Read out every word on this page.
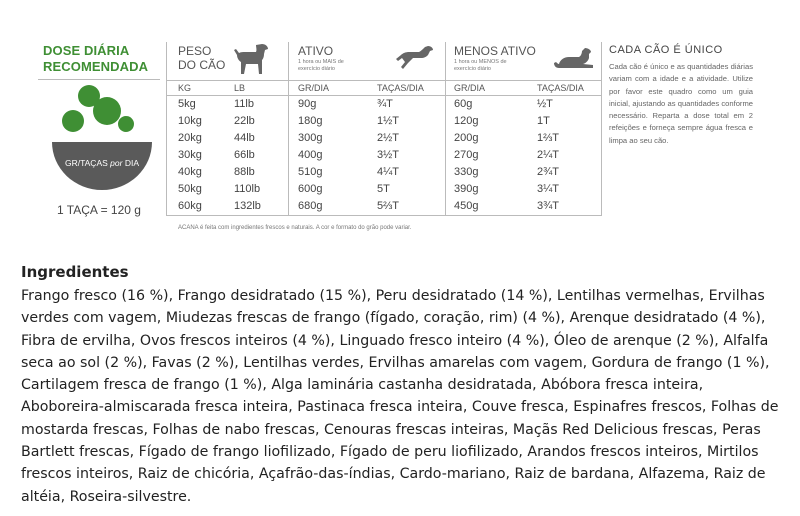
DOSE DIÁRIA
RECOMENDADA
GR/TAÇAS por DIA
1 TAÇA = 120 g
PESO
DO CÃO
ATIVO
1 hora ou MAIS de
exercício diário
MENOS ATIVO
1 hora ou MENOS de
exercício diário
KG	LB	GR/DIA	TAÇAS/DIA	GR/DIA	TAÇAS/DIA
5kg	11lb	90g	¾T	60g	½T
10kg	22lb	180g	1½T	120g	1T
20kg	44lb	300g	2½T	200g	1⅔T
30kg	66lb	400g	3½T	270g	2¼T
40kg	88lb	510g	4¼T	330g	2¾T
50kg	110lb	600g	5T	390g	3¼T
60kg	132lb	680g	5⅔T	450g	3¾T
ACANA é feita com ingredientes frescos e naturais. A cor e formato do grão pode variar.
CADA CÃO É ÚNICO
Cada cão é único e as quantidades diárias variam com a idade e a atividade. Utilize por favor este quadro como um guia inicial, ajustando as quantidades conforme necessário. Reparta a dose total em 2 refeições e forneça sempre água fresca e limpa ao seu cão.
Ingredientes
Frango fresco (16 %), Frango desidratado (15 %), Peru desidratado (14 %), Lentilhas vermelhas, Ervilhas verdes com vagem, Miudezas frescas de frango (fígado, coração, rim) (4 %), Arenque desidratado (4 %), Fibra de ervilha, Ovos frescos inteiros (4 %), Linguado fresco inteiro (4 %), Óleo de arenque (2 %), Alfalfa seca ao sol (2 %), Favas (2 %), Lentilhas verdes, Ervilhas amarelas com vagem, Gordura de frango (1 %), Cartilagem fresca de frango (1 %), Alga laminária castanha desidratada, Abóbora fresca inteira, Aboboreira-almiscarada fresca inteira, Pastinaca fresca inteira, Couve fresca, Espinafres frescos, Folhas de mostarda frescas, Folhas de nabo frescas, Cenouras frescas inteiras, Maçãs Red Delicious frescas, Peras Bartlett frescas, Fígado de frango liofilizado, Fígado de peru liofilizado, Arandos frescos inteiros, Mirtilos frescos inteiros, Raiz de chicória, Açafrão-das-índias, Cardo-mariano, Raiz de bardana, Alfazema, Raiz de altéia, Roseira-silvestre.
